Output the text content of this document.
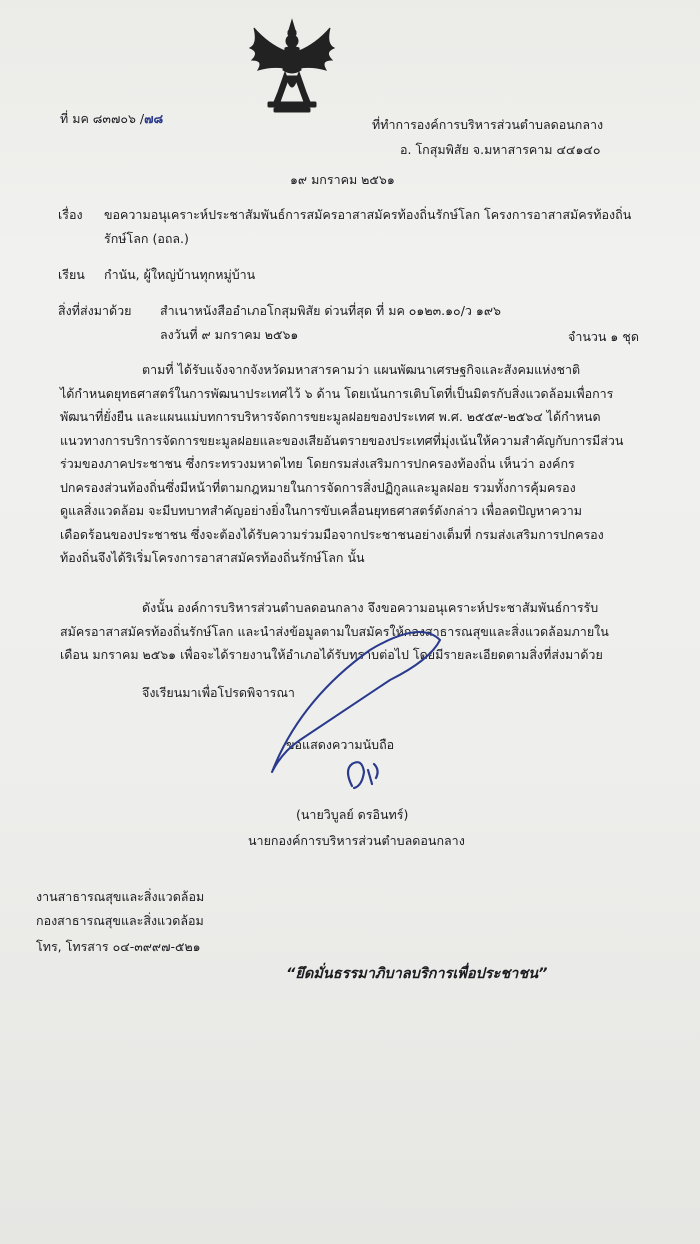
ที่ มค ๘๓๗๐๖ /๗๘	ที่ทำการองค์การบริหารส่วนตำบลดอนกลาง
อ. โกสุมพิสัย จ.มหาสารคาม ๔๔๑๔๐
๑๙ มกราคม ๒๕๖๑
เรื่อง ขอความอนุเคราะห์ประชาสัมพันธ์การสมัครอาสาสมัครท้องถิ่นรักษ์โลก โครงการอาสาสมัครท้องถิ่น
รักษ์โลก (อถล.)
เรียน กำนัน, ผู้ใหญ่บ้านทุกหมู่บ้าน
สิ่งที่ส่งมาด้วย สำเนาหนังสืออำเภอโกสุมพิสัย ด่วนที่สุด ที่ มค ๐๑๒๓.๑๐/ว ๑๙๖
ลงวันที่ ๙ มกราคม ๒๕๖๑	จำนวน ๑ ชุด
ตามที่ ได้รับแจ้งจากจังหวัดมหาสารคามว่า แผนพัฒนาเศรษฐกิจและสังคมแห่งชาติ
ได้กำหนดยุทธศาสตร์ในการพัฒนาประเทศไว้ ๖ ด้าน โดยเน้นการเติบโตที่เป็นมิตรกับสิ่งแวดล้อมเพื่อการ
พัฒนาที่ยั่งยืน และแผนแม่บทการบริหารจัดการขยะมูลฝอยของประเทศ พ.ศ. ๒๕๕๙-๒๕๖๔ ได้กำหนด
แนวทางการบริการจัดการขยะมูลฝอยและของเสียอันตรายของประเทศที่มุ่งเน้นให้ความสำคัญกับการมีส่วน
ร่วมของภาคประชาชน ซึ่งกระทรวงมหาดไทย โดยกรมส่งเสริมการปกครองท้องถิ่น เห็นว่า องค์กร
ปกครองส่วนท้องถิ่นซึ่งมีหน้าที่ตามกฎหมายในการจัดการสิ่งปฏิกูลและมูลฝอย รวมทั้งการคุ้มครอง
ดูแลสิ่งแวดล้อม จะมีบทบาทสำคัญอย่างยิ่งในการขับเคลื่อนยุทธศาสตร์ดังกล่าว เพื่อลดปัญหาความ
เดือดร้อนของประชาชน ซึ่งจะต้องได้รับความร่วมมือจากประชาชนอย่างเต็มที่ กรมส่งเสริมการปกครอง
ท้องถิ่นจึงได้ริเริ่มโครงการอาสาสมัครท้องถิ่นรักษ์โลก นั้น
ดังนั้น องค์การบริหารส่วนตำบลดอนกลาง จึงขอความอนุเคราะห์ประชาสัมพันธ์การรับ
สมัครอาสาสมัครท้องถิ่นรักษ์โลก และนำส่งข้อมูลตามใบสมัครให้กองสาธารณสุขและสิ่งแวดล้อมภายใน
เดือน มกราคม ๒๕๖๑ เพื่อจะได้รายงานให้อำเภอได้รับทราบต่อไป โดยมีรายละเอียดตามสิ่งที่ส่งมาด้วย
จึงเรียนมาเพื่อโปรดพิจารณา
ขอแสดงความนับถือ
(นายวิบูลย์ ดรอินทร์)
นายกองค์การบริหารส่วนตำบลดอนกลาง
งานสาธารณสุขและสิ่งแวดล้อม
กองสาธารณสุขและสิ่งแวดล้อม
โทร, โทรสาร ๐๔-๓๙๙๗-๕๒๑
“ยึดมั่นธรรมาภิบาลบริการเพื่อประชาชน”
